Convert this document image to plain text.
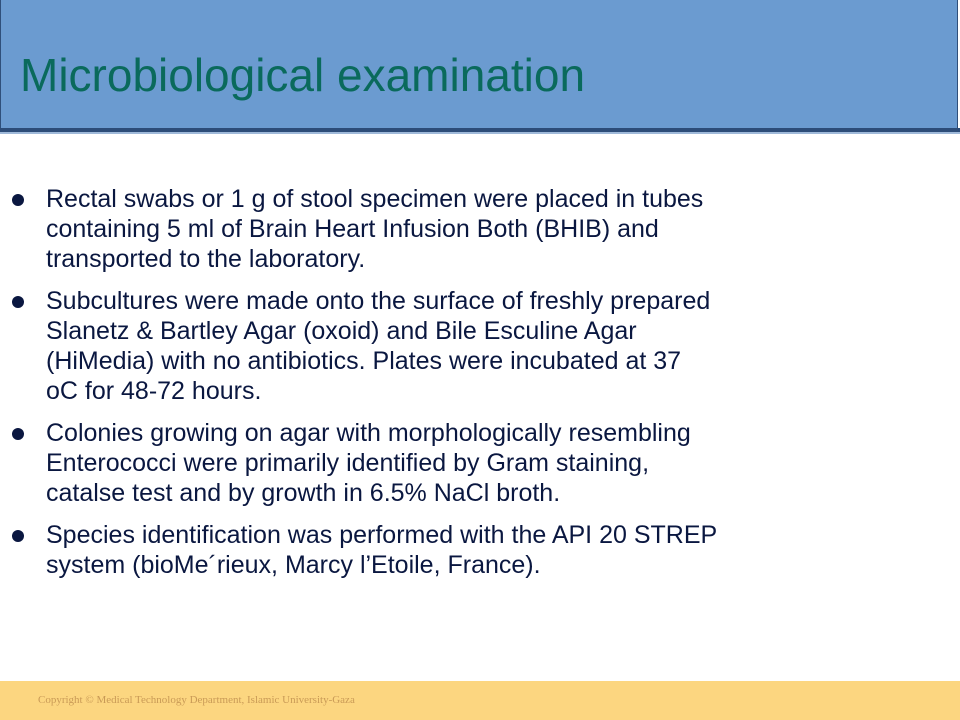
Microbiological examination
Rectal swabs or 1 g of stool specimen were placed in tubes
containing 5 ml of Brain Heart Infusion Both (BHIB) and
transported to the laboratory.
Subcultures were made onto the surface of freshly prepared
Slanetz & Bartley Agar (oxoid) and Bile Esculine Agar
(HiMedia) with no antibiotics. Plates were incubated at 37
oC for 48-72 hours.
Colonies growing on agar with morphologically resembling
Enterococci were primarily identified by Gram staining,
catalse test and by growth in 6.5% NaCl broth.
Species identification was performed with the API 20 STREP
system (bioMe´rieux, Marcy l’Etoile, France).
Copyright © Medical Technology Department, Islamic University-Gaza
